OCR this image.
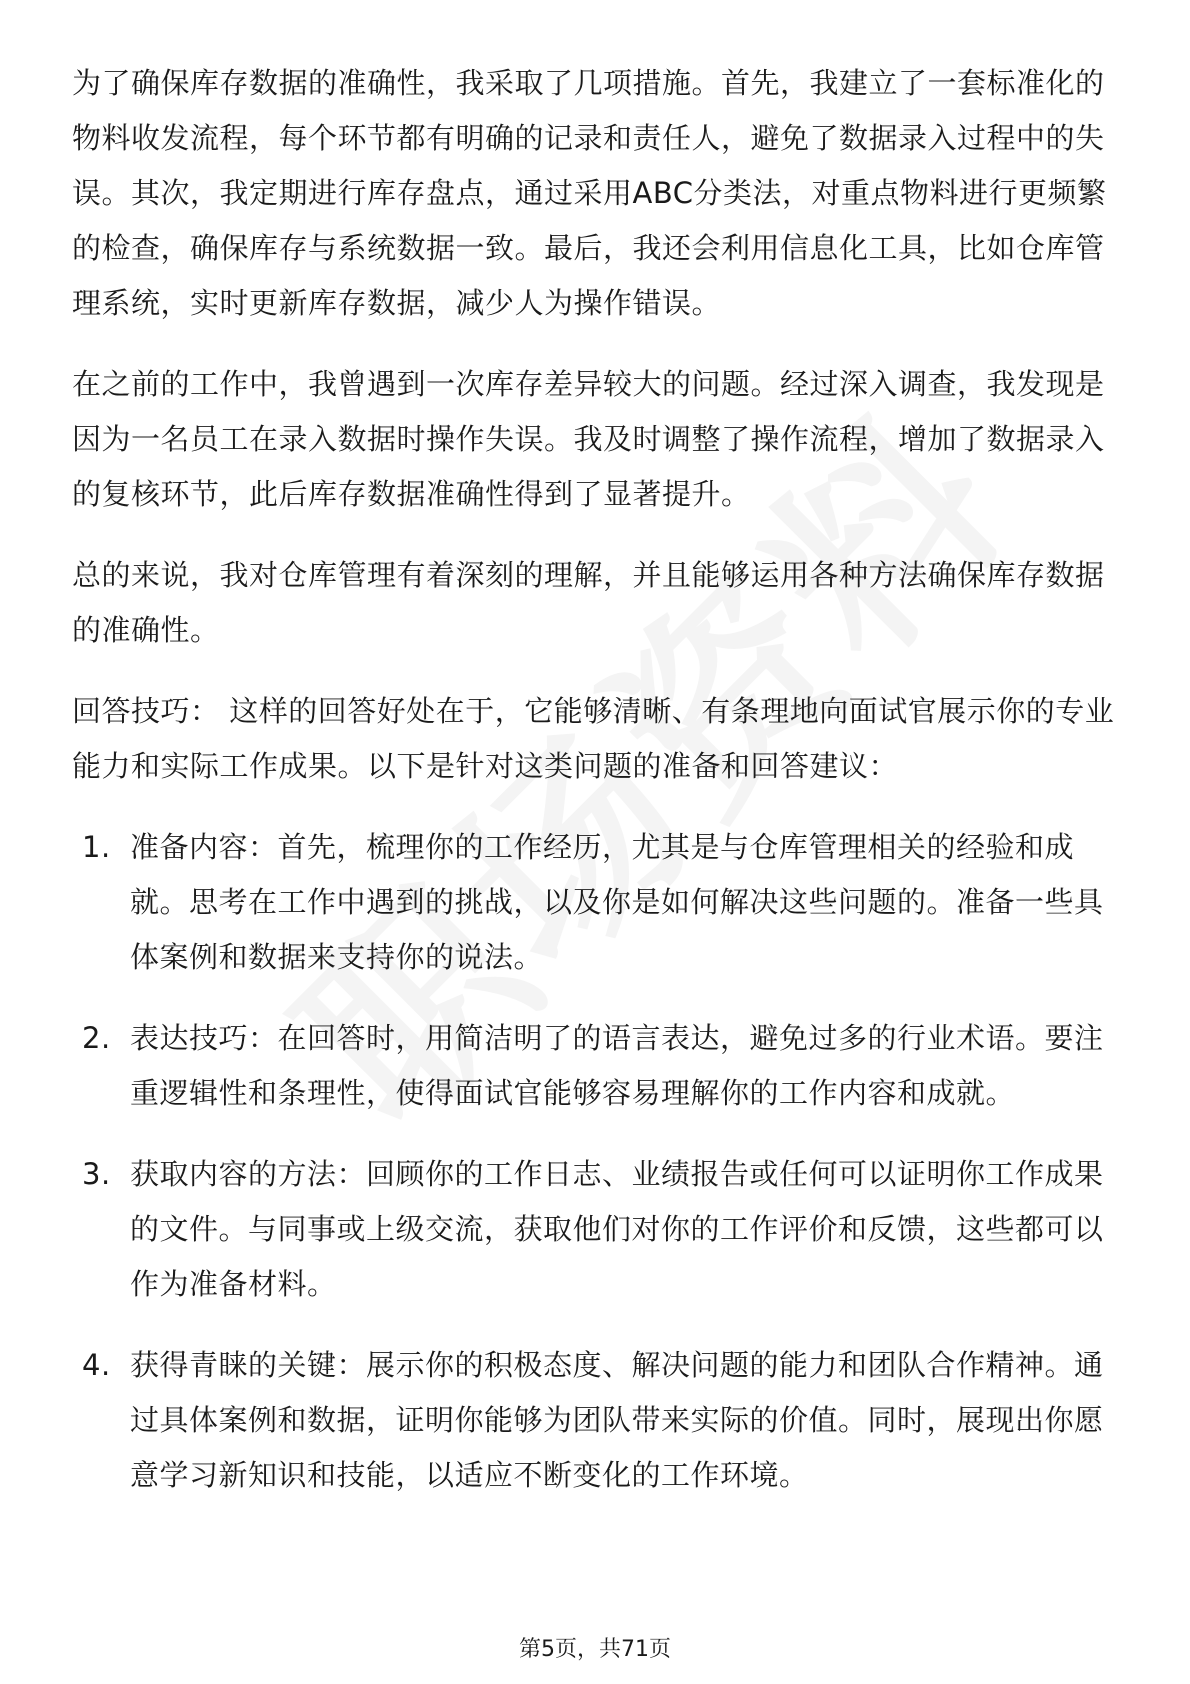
为了确保库存数据的准确性，我采取了几项措施。首先，我建立了一套标准化的物料收发流程，每个环节都有明确的记录和责任人，避免了数据录入过程中的失误。其次，我定期进行库存盘点，通过采用ABC分类法，对重点物料进行更频繁的检查，确保库存与系统数据一致。最后，我还会利用信息化工具，比如仓库管理系统，实时更新库存数据，减少人为操作错误。

在之前的工作中，我曾遇到一次库存差异较大的问题。经过深入调查，我发现是因为一名员工在录入数据时操作失误。我及时调整了操作流程，增加了数据录入的复核环节，此后库存数据准确性得到了显著提升。

总的来说，我对仓库管理有着深刻的理解，并且能够运用各种方法确保库存数据的准确性。

回答技巧： 这样的回答好处在于，它能够清晰、有条理地向面试官展示你的专业能力和实际工作成果。以下是针对这类问题的准备和回答建议：

1. 准备内容：首先，梳理你的工作经历，尤其是与仓库管理相关的经验和成就。思考在工作中遇到的挑战，以及你是如何解决这些问题的。准备一些具体案例和数据来支持你的说法。
2. 表达技巧：在回答时，用简洁明了的语言表达，避免过多的行业术语。要注重逻辑性和条理性，使得面试官能够容易理解你的工作内容和成就。
3. 获取内容的方法：回顾你的工作日志、业绩报告或任何可以证明你工作成果的文件。与同事或上级交流，获取他们对你的工作评价和反馈，这些都可以作为准备材料。
4. 获得青睐的关键：展示你的积极态度、解决问题的能力和团队合作精神。通过具体案例和数据，证明你能够为团队带来实际的价值。同时，展现出你愿意学习新知识和技能，以适应不断变化的工作环境。
第5页，共71页
